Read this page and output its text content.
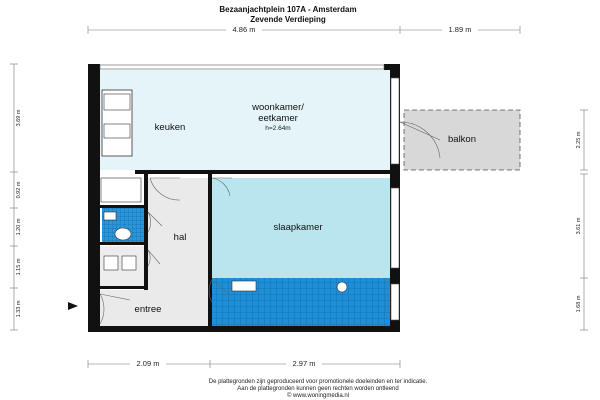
Bezaanjachtplein 107A - Amsterdam
Zevende Verdieping
4.86 m	1.89 m
woonkamer/
eetkamer
h=2.64m
keuken
balkon
slaapkamer
hal
entree
3.69 m
0.92 m
1.20 m
1.15 m
1.33 m
2.25 m
3.61 m
1.68 m
2.09 m	2.97 m
De plattegronden zijn geproduceerd voor promotionele doeleinden en ter indicatie.
Aan de plattegronden kunnen geen rechten worden ontleend
© www.woningmedia.nl
